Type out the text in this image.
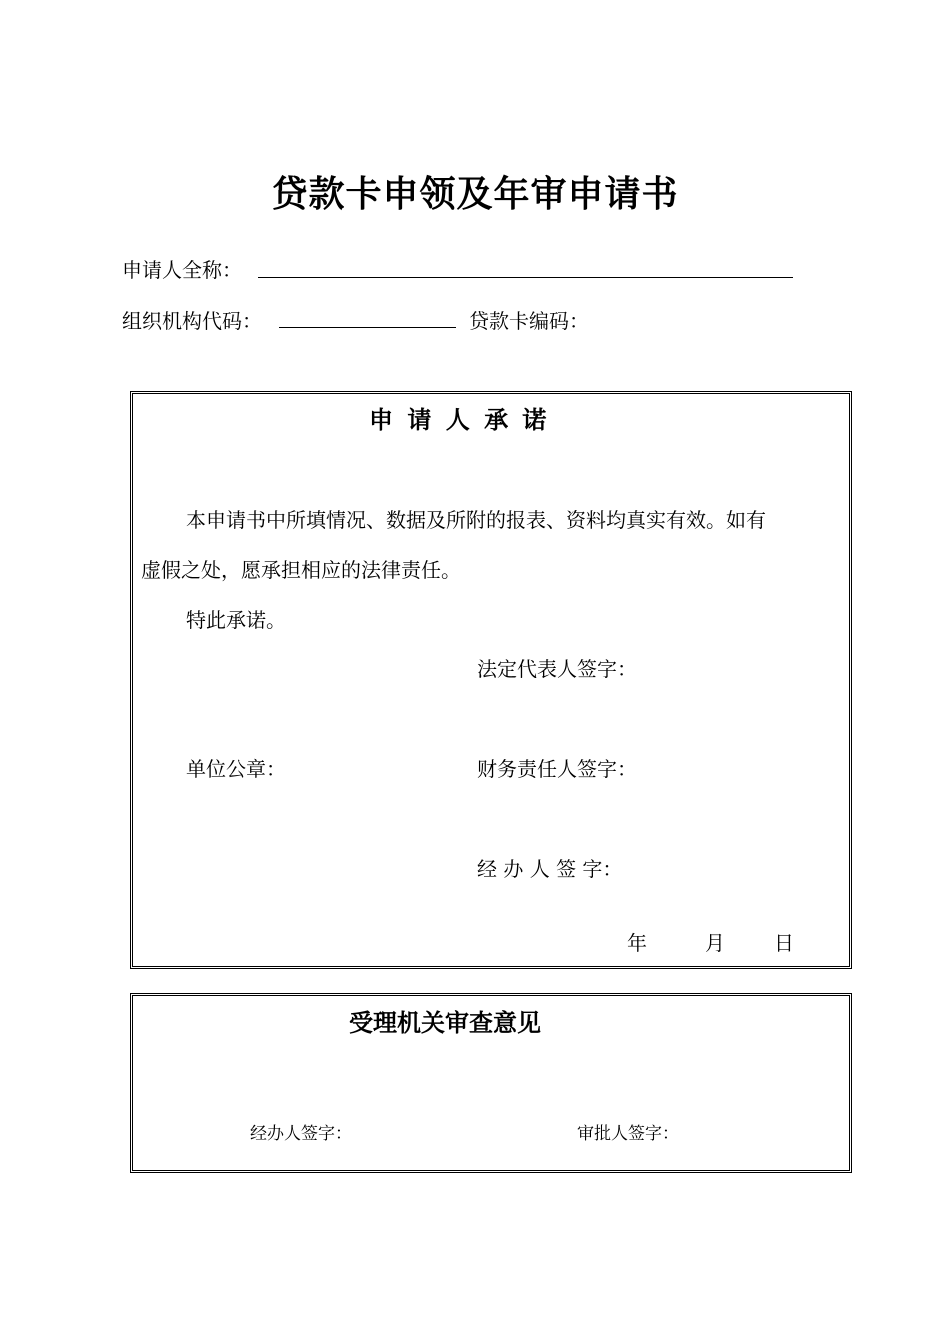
贷款卡申领及年审申请书
申请人全称：
组织机构代码：	贷款卡编码：
申 请 人 承 诺
本申请书中所填情况、数据及所附的报表、资料均真实有效。如有
虚假之处，愿承担相应的法律责任。
特此承诺。
法定代表人签字：
单位公章：	财务责任人签字：
经 办 人 签 字：
年	月 日
受理机关审查意见
经办人签字：	审批人签字：
